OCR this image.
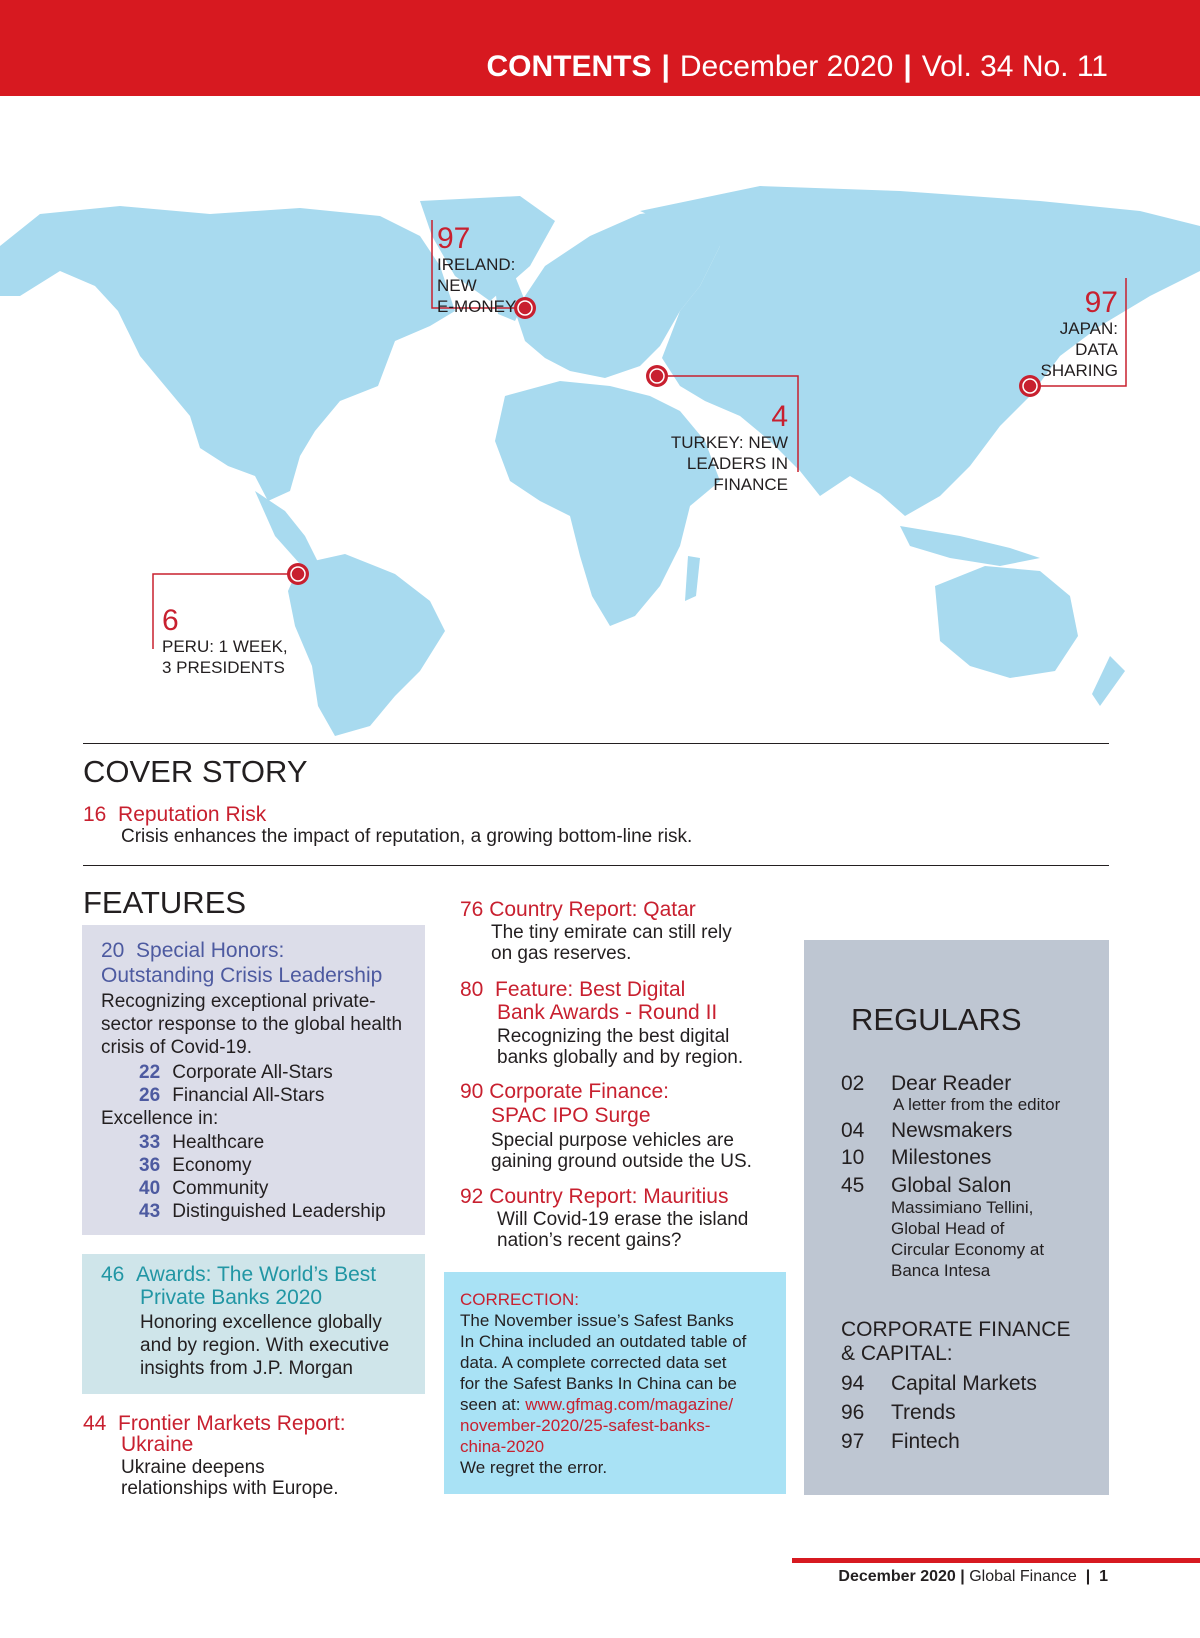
CONTENTS | December 2020 | Vol. 34 No. 11
97
IRELAND:
NEW
E-MONEY	97
JAPAN:
DATA
SHARING
4
TURKEY: NEW
LEADERS IN
FINANCE
6
PERU: 1 WEEK,
3 PRESIDENTS
COVER STORY
16 Reputation Risk
Crisis enhances the impact of reputation, a growing bottom-line risk.
FEATURES
20 Special Honors:
Outstanding Crisis Leadership
Recognizing exceptional private-
sector response to the global health
crisis of Covid-19.
22 Corporate All-Stars
26 Financial All-Stars
Excellence in:
33 Healthcare
36 Economy
40 Community
43 Distinguished Leadership
46 Awards: The World’s Best
Private Banks 2020
Honoring excellence globally
and by region. With executive
insights from J.P. Morgan
44 Frontier Markets Report:
Ukraine
Ukraine deepens
relationships with Europe.
76 Country Report: Qatar
The tiny emirate can still rely
on gas reserves.
80 Feature: Best Digital
Bank Awards - Round II
Recognizing the best digital
banks globally and by region.
90 Corporate Finance:
SPAC IPO Surge
Special purpose vehicles are
gaining ground outside the US.
92 Country Report: Mauritius
Will Covid-19 erase the island
nation’s recent gains?
CORRECTION:
The November issue’s Safest Banks
In China included an outdated table of
data. A complete corrected data set
for the Safest Banks In China can be
seen at: www.gfmag.com/magazine/
november-2020/25-safest-banks-
china-2020
We regret the error.
REGULARS
02	Dear Reader
A letter from the editor
04	Newsmakers
10	Milestones
45	Global Salon
Massimiano Tellini,
Global Head of
Circular Economy at
Banca Intesa
CORPORATE FINANCE
& CAPITAL:
94	Capital Markets
96	Trends
97	Fintech
December 2020 | Global Finance  |  1
